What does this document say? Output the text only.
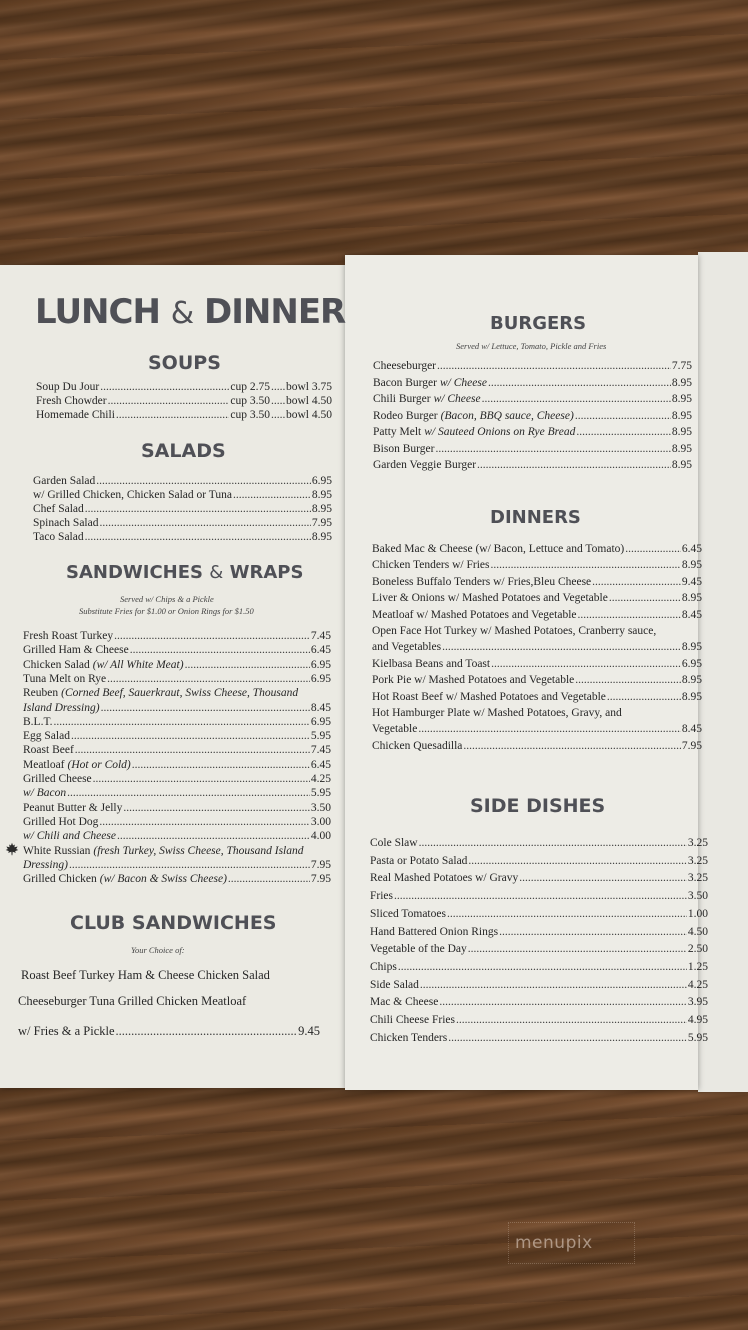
LUNCH & DINNER
SOUPS
Soup Du Jour .....	cup 2.75 ..... bowl 3.75
Fresh Chowder .....	cup 3.50 ..... bowl 4.50
Homemade Chili .....	cup 3.50 ..... bowl 4.50
SALADS
Garden Salad .....	6.95
w/ Grilled Chicken, Chicken Salad or Tuna .....	8.95
Chef Salad .....	8.95
Spinach Salad .....	7.95
Taco Salad .....	8.95
SANDWICHES & WRAPS
Served w/ Chips & a Pickle
Substitute Fries for $1.00 or Onion Rings for $1.50
Fresh Roast Turkey .....	7.45
Grilled Ham & Cheese .....	6.45
Chicken Salad (w/ All White Meat) .....	6.95
Tuna Melt on Rye .....	6.95
Reuben (Corned Beef, Sauerkraut, Swiss Cheese, Thousand
Island Dressing) .....	8.45
B.L.T. .....	6.95
Egg Salad .....	5.95
Roast Beef .....	7.45
Meatloaf (Hot or Cold) .....	6.45
Grilled Cheese .....	4.25
w/ Bacon .....	5.95
Peanut Butter & Jelly .....	3.50
Grilled Hot Dog .....	3.00
w/ Chili and Cheese .....	4.00
White Russian (fresh Turkey, Swiss Cheese, Thousand Island
Dressing) .....	7.95
Grilled Chicken (w/ Bacon & Swiss Cheese) .....	7.95
CLUB SANDWICHES
Your Choice of:
Roast Beef Turkey Ham & Cheese Chicken Salad
Cheeseburger Tuna Grilled Chicken Meatloaf
w/ Fries & a Pickle .....	9.45
BURGERS
Served w/ Lettuce, Tomato, Pickle and Fries
Cheeseburger .....	7.75
Bacon Burger w/ Cheese .....	8.95
Chili Burger w/ Cheese .....	8.95
Rodeo Burger (Bacon, BBQ sauce, Cheese) .....	8.95
Patty Melt w/ Sauteed Onions on Rye Bread .....	8.95
Bison Burger .....	8.95
Garden Veggie Burger .....	8.95
DINNERS
Baked Mac & Cheese (w/ Bacon, Lettuce and Tomato) .....	6.45
Chicken Tenders w/ Fries .....	8.95
Boneless Buffalo Tenders w/ Fries,Bleu Cheese .....	9.45
Liver & Onions w/ Mashed Potatoes and Vegetable .....	8.95
Meatloaf w/ Mashed Potatoes and Vegetable .....	8.45
Open Face Hot Turkey w/ Mashed Potatoes, Cranberry sauce,
and Vegetables .....	8.95
Kielbasa Beans and Toast .....	6.95
Pork Pie w/ Mashed Potatoes and Vegetable .....	8.95
Hot Roast Beef w/ Mashed Potatoes and Vegetable .....	8.95
Hot Hamburger Plate w/ Mashed Potatoes, Gravy, and
Vegetable .....	8.45
Chicken Quesadilla .....	7.95
SIDE DISHES
Cole Slaw .....	3.25
Pasta or Potato Salad .....	3.25
Real Mashed Potatoes w/ Gravy .....	3.25
Fries .....	3.50
Sliced Tomatoes .....	1.00
Hand Battered Onion Rings .....	4.50
Vegetable of the Day .....	2.50
Chips .....	1.25
Side Salad .....	4.25
Mac & Cheese .....	3.95
Chili Cheese Fries .....	4.95
Chicken Tenders .....	5.95
menupix
